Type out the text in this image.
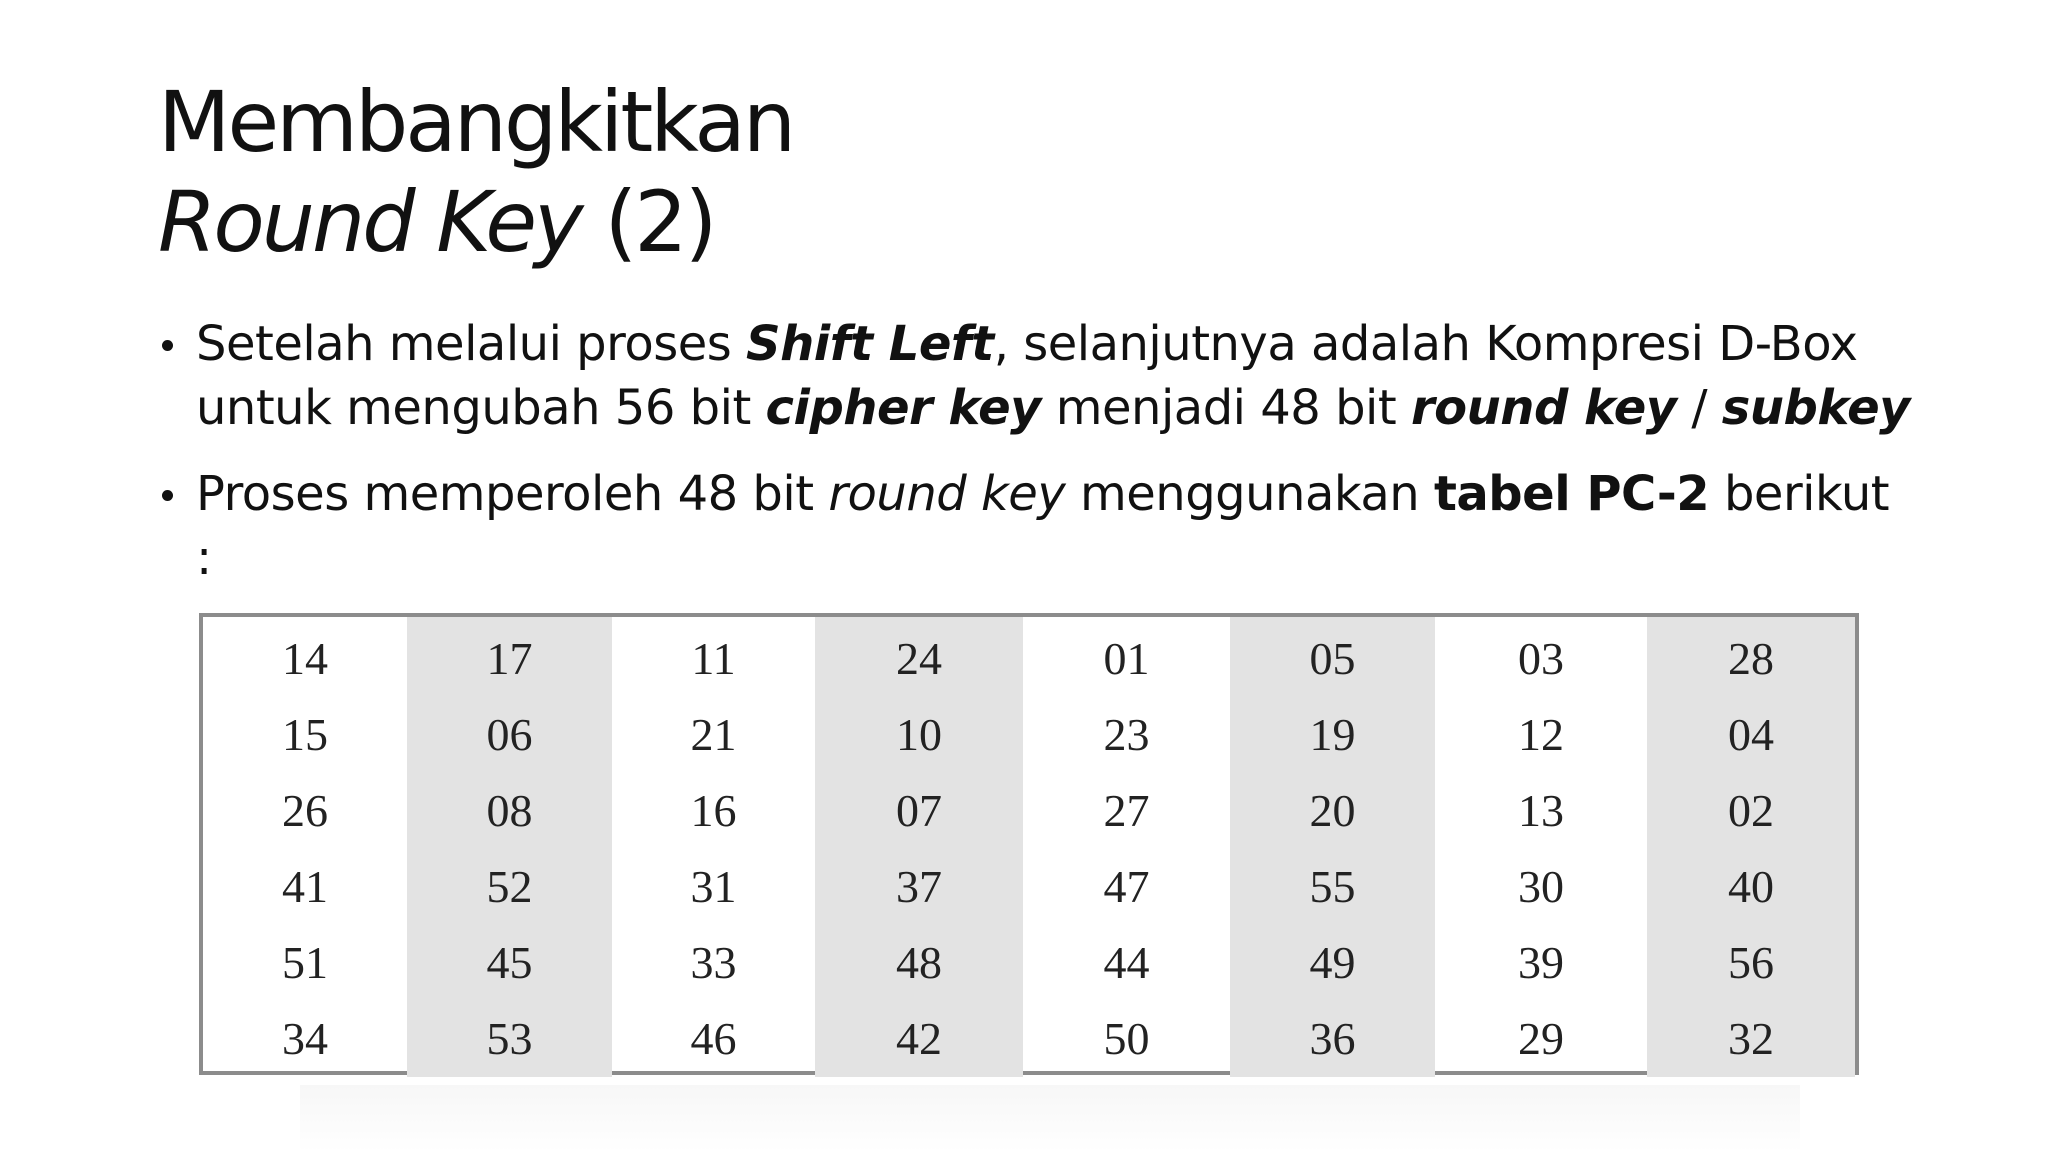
Membangkitkan
Round Key (2)
Setelah melalui proses Shift Left, selanjutnya adalah Kompresi D-Box untuk mengubah 56 bit cipher key menjadi 48 bit round key / subkey
Proses memperoleh 48 bit round key menggunakan tabel PC-2 berikut :
14
15
26
41
51
34
17
06
08
52
45
53
11
21
16
31
33
46
24
10
07
37
48
42
01
23
27
47
44
50
05
19
20
55
49
36
03
12
13
30
39
29
28
04
02
40
56
32
